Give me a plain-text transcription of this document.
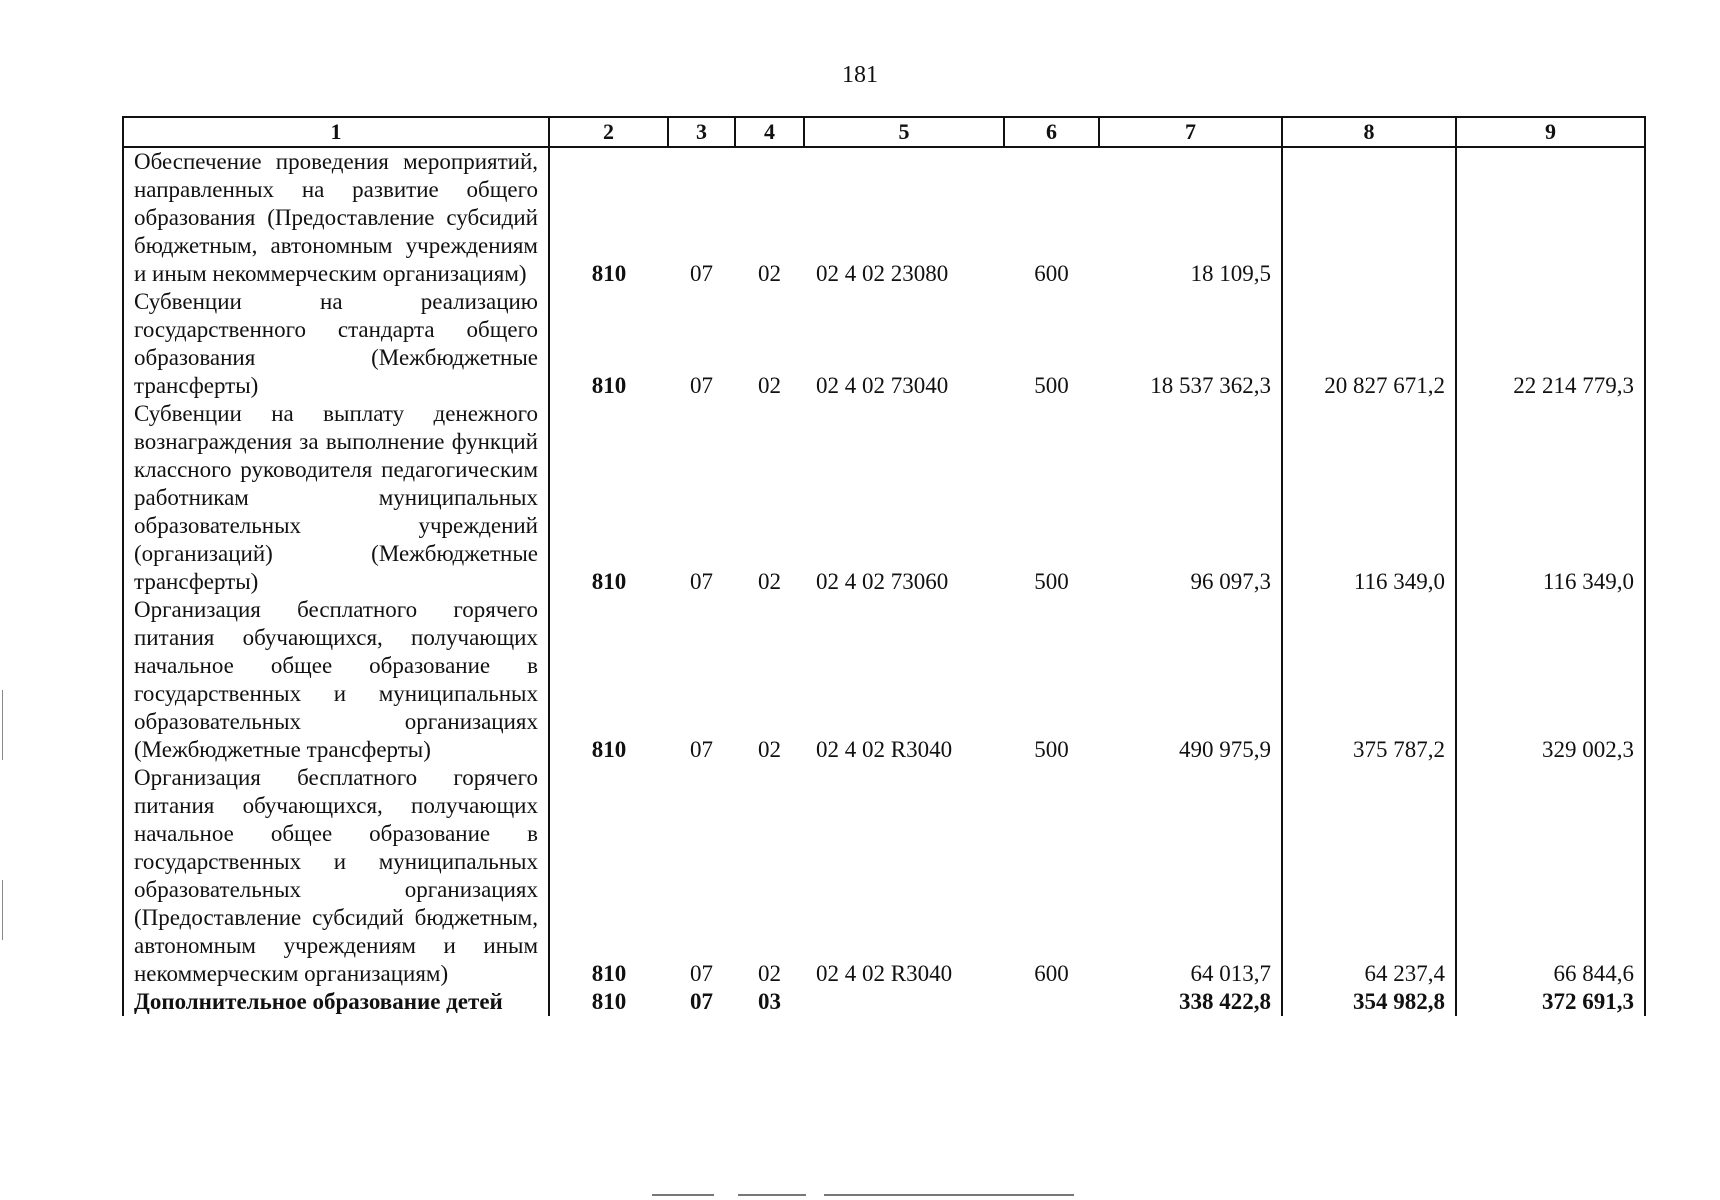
181
1	2	3	4	5	6	7	8	9
Обеспечение проведения мероприятий, направленных на развитие общего образования (Предоставление субсидий бюджетным, автономным учреждениям и иным некоммерческим организациям)	810	07	02	02 4 02 23080	600	18 109,5		
Субвенции на реализацию государственного стандарта общего образования (Межбюджетные трансферты)	810	07	02	02 4 02 73040	500	18 537 362,3	20 827 671,2	22 214 779,3
Субвенции на выплату денежного вознаграждения за выполнение функций классного руководителя педагогическим работникам муниципальных образовательных учреждений (организаций) (Межбюджетные трансферты)	810	07	02	02 4 02 73060	500	96 097,3	116 349,0	116 349,0
Организация бесплатного горячего питания обучающихся, получающих начальное общее образование в государственных и муниципальных образовательных организациях (Межбюджетные трансферты)	810	07	02	02 4 02 R3040	500	490 975,9	375 787,2	329 002,3
Организация бесплатного горячего питания обучающихся, получающих начальное общее образование в государственных и муниципальных образовательных организациях (Предоставление субсидий бюджетным, автономным учреждениям и иным некоммерческим организациям)	810	07	02	02 4 02 R3040	600	64 013,7	64 237,4	66 844,6
Дополнительное образование детей	810	07	03			338 422,8	354 982,8	372 691,3
